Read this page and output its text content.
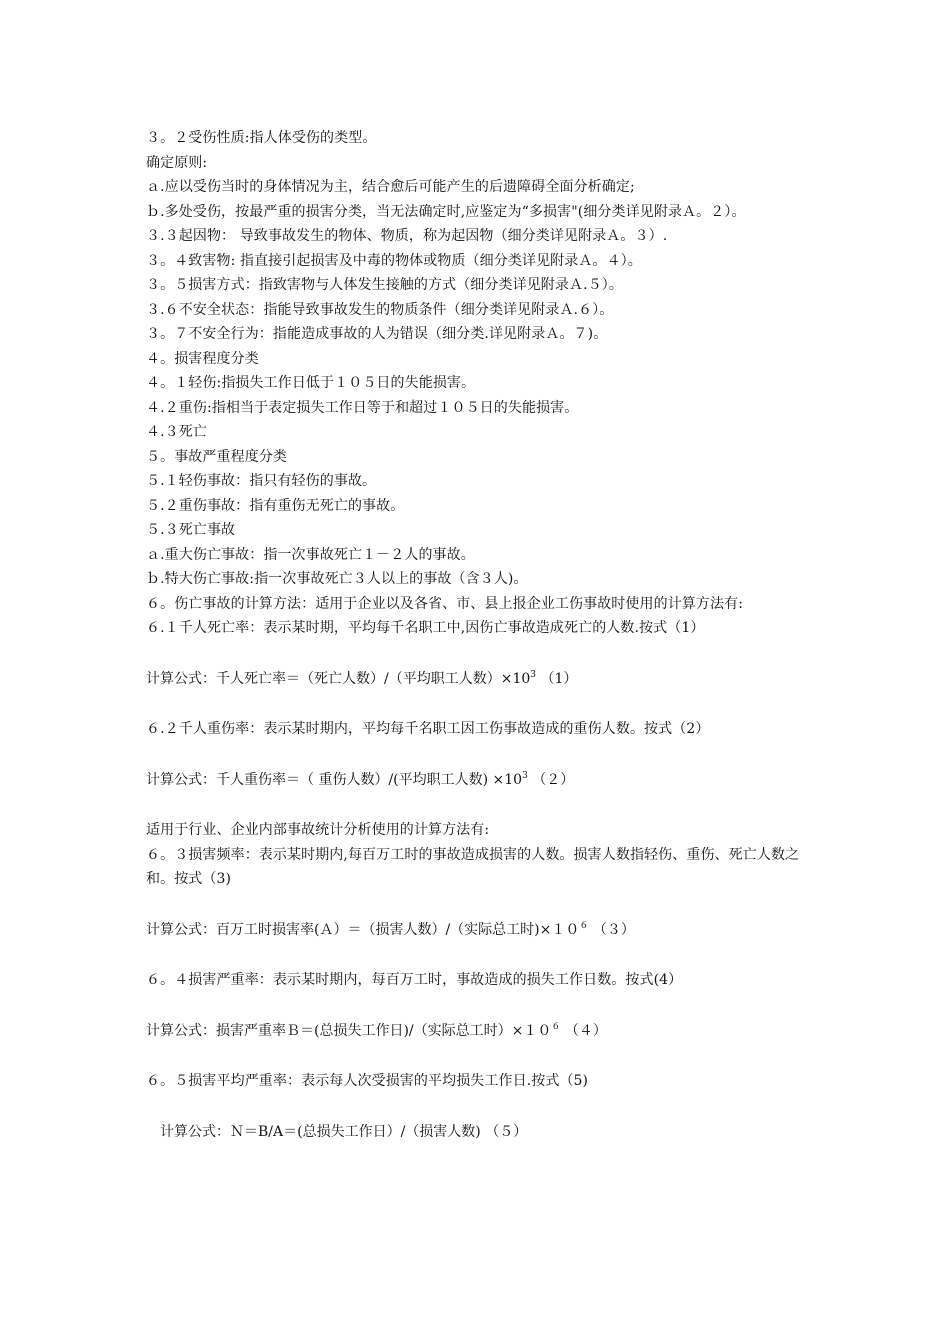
３。２受伤性质:指人体受伤的类型。
确定原则:
ａ.应以受伤当时的身体情况为主，结合愈后可能产生的后遗障碍全面分析确定;
ｂ.多处受伤，按最严重的损害分类，当无法确定时,应鉴定为“多损害"(细分类详见附录Ａ。２）。
３.３起因物： 导致事故发生的物体、物质，称为起因物（细分类详见附录Ａ。３）.
３。４致害物: 指直接引起损害及中毒的物体或物质（细分类详见附录Ａ。４）。
３。５损害方式：指致害物与人体发生接触的方式（细分类详见附录Ａ.５）。
３.６不安全状态：指能导致事故发生的物质条件（细分类详见附录Ａ.６）。
３。７不安全行为：指能造成事故的人为错误（细分类.详见附录Ａ。７)。
４。损害程度分类
４。１轻伤:指损失工作日低于１０５日的失能损害。
４.２重伤:指相当于表定损失工作日等于和超过１０５日的失能损害。
４.３死亡
５。事故严重程度分类
５.１轻伤事故：指只有轻伤的事故。
５.２重伤事故：指有重伤无死亡的事故。
５.３死亡事故
ａ.重大伤亡事故：指一次事故死亡１－２人的事故。
ｂ.特大伤亡事故:指一次事故死亡３人以上的事故（含３人)。
６。伤亡事故的计算方法：适用于企业以及各省、市、县上报企业工伤事故时使用的计算方法有:
６.１千人死亡率：表示某时期，平均每千名职工中,因伤亡事故造成死亡的人数.按式（1）
计算公式：千人死亡率＝（死亡人数）/（平均职工人数）$\times 10^3$ （1）
６.２千人重伤率：表示某时期内，平均每千名职工因工伤事故造成的重伤人数。按式（2）
计算公式：千人重伤率＝（ 重伤人数）/(平均职工人数) $\times 10^3$ （２）
适用于行业、企业内部事故统计分析使用的计算方法有:
６。３损害频率：表示某时期内,每百万工时的事故造成损害的人数。损害人数指轻伤、重伤、死亡人数之和。按式（3)
计算公式：百万工时损害率(Ａ）＝（损害人数）/（实际总工时)$\times 10^6$ （３）
６。４损害严重率：表示某时期内，每百万工时，事故造成的损失工作日数。按式(4）
计算公式：损害严重率Ｂ＝(总损失工作日)/（实际总工时）$\times 10^6$ （４）
６。５损害平均严重率：表示每人次受损害的平均损失工作日.按式（5)
计算公式：Ｎ＝B/A＝(总损失工作日）/（损害人数) （５）
